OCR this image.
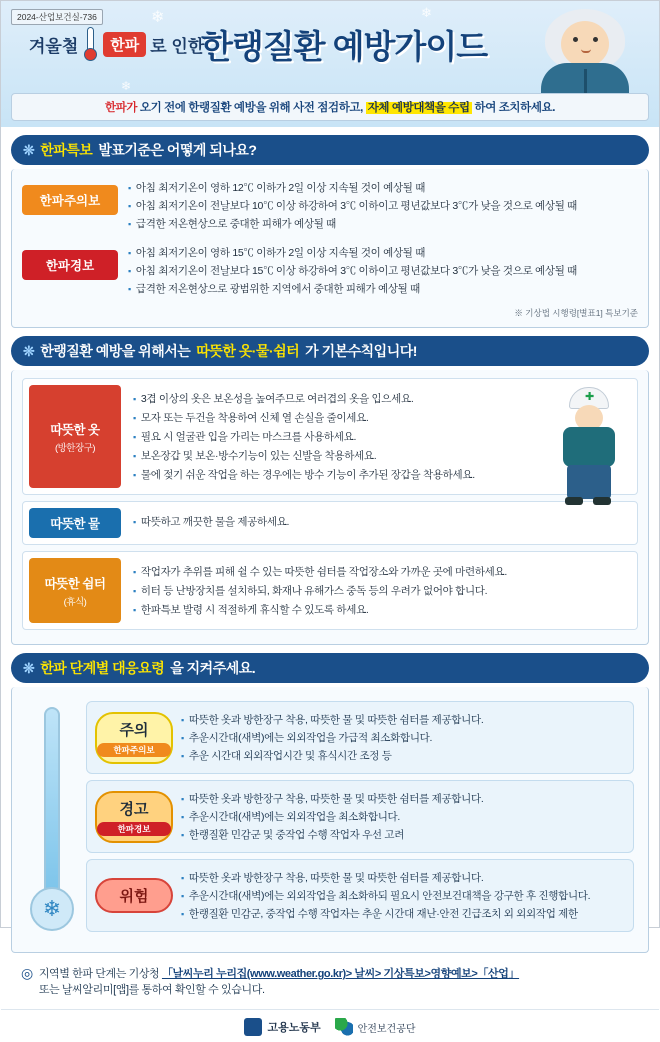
2024-산업보건실-736	❄
❄
❄
겨울철	한파 로 인한
한랭질환 예방가이드
한파가 오기 전에 한랭질환 예방을 위해 사전 점검하고, 자체 예방대책을 수립 하여 조치하세요.
❊ 한파특보 발표기준은 어떻게 되나요?
한파주의보
▪ 아침 최저기온이 영하 12℃ 이하가 2일 이상 지속될 것이 예상될 때
▪ 아침 최저기온이 전날보다 10℃ 이상 하강하여 3℃ 이하이고 평년값보다 3℃가 낮을 것으로 예상될 때
▪ 급격한 저온현상으로 중대한 피해가 예상될 때
한파경보
▪ 아침 최저기온이 영하 15℃ 이하가 2일 이상 지속될 것이 예상될 때
▪ 아침 최저기온이 전날보다 15℃ 이상 하강하여 3℃ 이하이고 평년값보다 3℃가 낮을 것으로 예상될 때
▪ 급격한 저온현상으로 광범위한 지역에서 중대한 피해가 예상될 때
※ 기상법 시행령[별표1] 특보기준
❊ 한랭질환 예방을 위해서는 따뜻한 옷·물·쉼터 가 기본수칙입니다!
따뜻한 옷
(방한장구)
▪ 3겹 이상의 옷은 보온성을 높여주므로 여러겹의 옷을 입으세요.
▪ 모자 또는 두건을 착용하여 신체 열 손실을 줄이세요.
▪ 필요 시 얼굴관 입을 가리는 마스크를 사용하세요.
▪ 보온장갑 및 보온·방수기능이 있는 신발을 착용하세요.
▪ 물에 젖기 쉬운 작업을 하는 경우에는 방수 기능이 추가된 장갑을 착용하세요.
✚
따뜻한 물	▪ 따뜻하고 깨끗한 물을 제공하세요.
따뜻한 쉼터
(휴식)
▪ 작업자가 추위를 피해 쉴 수 있는 따뜻한 쉼터를 작업장소와 가까운 곳에 마련하세요.
▪ 히터 등 난방장치를 설치하되, 화재나 유해가스 중독 등의 우려가 없어야 합니다.
▪ 한파특보 발령 시 적절하게 휴식할 수 있도록 하세요.
❊ 한파 단계별 대응요령 을 지켜주세요.
❄
주의
한파주의보
▪ 따뜻한 옷과 방한장구 착용, 따뜻한 물 및 따뜻한 쉼터를 제공합니다.
▪ 추운시간대(새벽)에는 외외작업을 가급적 최소화합니다.
▪ 추운 시간대 외외작업시간 및 휴식시간 조정 등
경고
한파경보
▪ 따뜻한 옷과 방한장구 착용, 따뜻한 물 및 따뜻한 쉼터를 제공합니다.
▪ 추운시간대(새벽)에는 외외작업을 최소화합니다.
▪ 한랭질환 민감군 및 중작업 수행 작업자 우선 고려
위험
▪ 따뜻한 옷과 방한장구 착용, 따뜻한 물 및 따뜻한 쉼터를 제공합니다.
▪ 추운시간대(새벽)에는 외외작업을 최소화하되 필요시 안전보건대책을 강구한 후 진행합니다.
▪ 한랭질환 민감군, 중작업 수행 작업자는 추운 시간대 재난·안전 긴급조치 외 외외작업 제한
◎ 지역별 한파 단계는 기상청 「날씨누리 누리집(www.weather.go.kr)> 날씨> 기상특보>영향예보>「산업」
또는 날씨알리미[앱]를 통하여 확인할 수 있습니다.
고용노동부	안전보건공단
